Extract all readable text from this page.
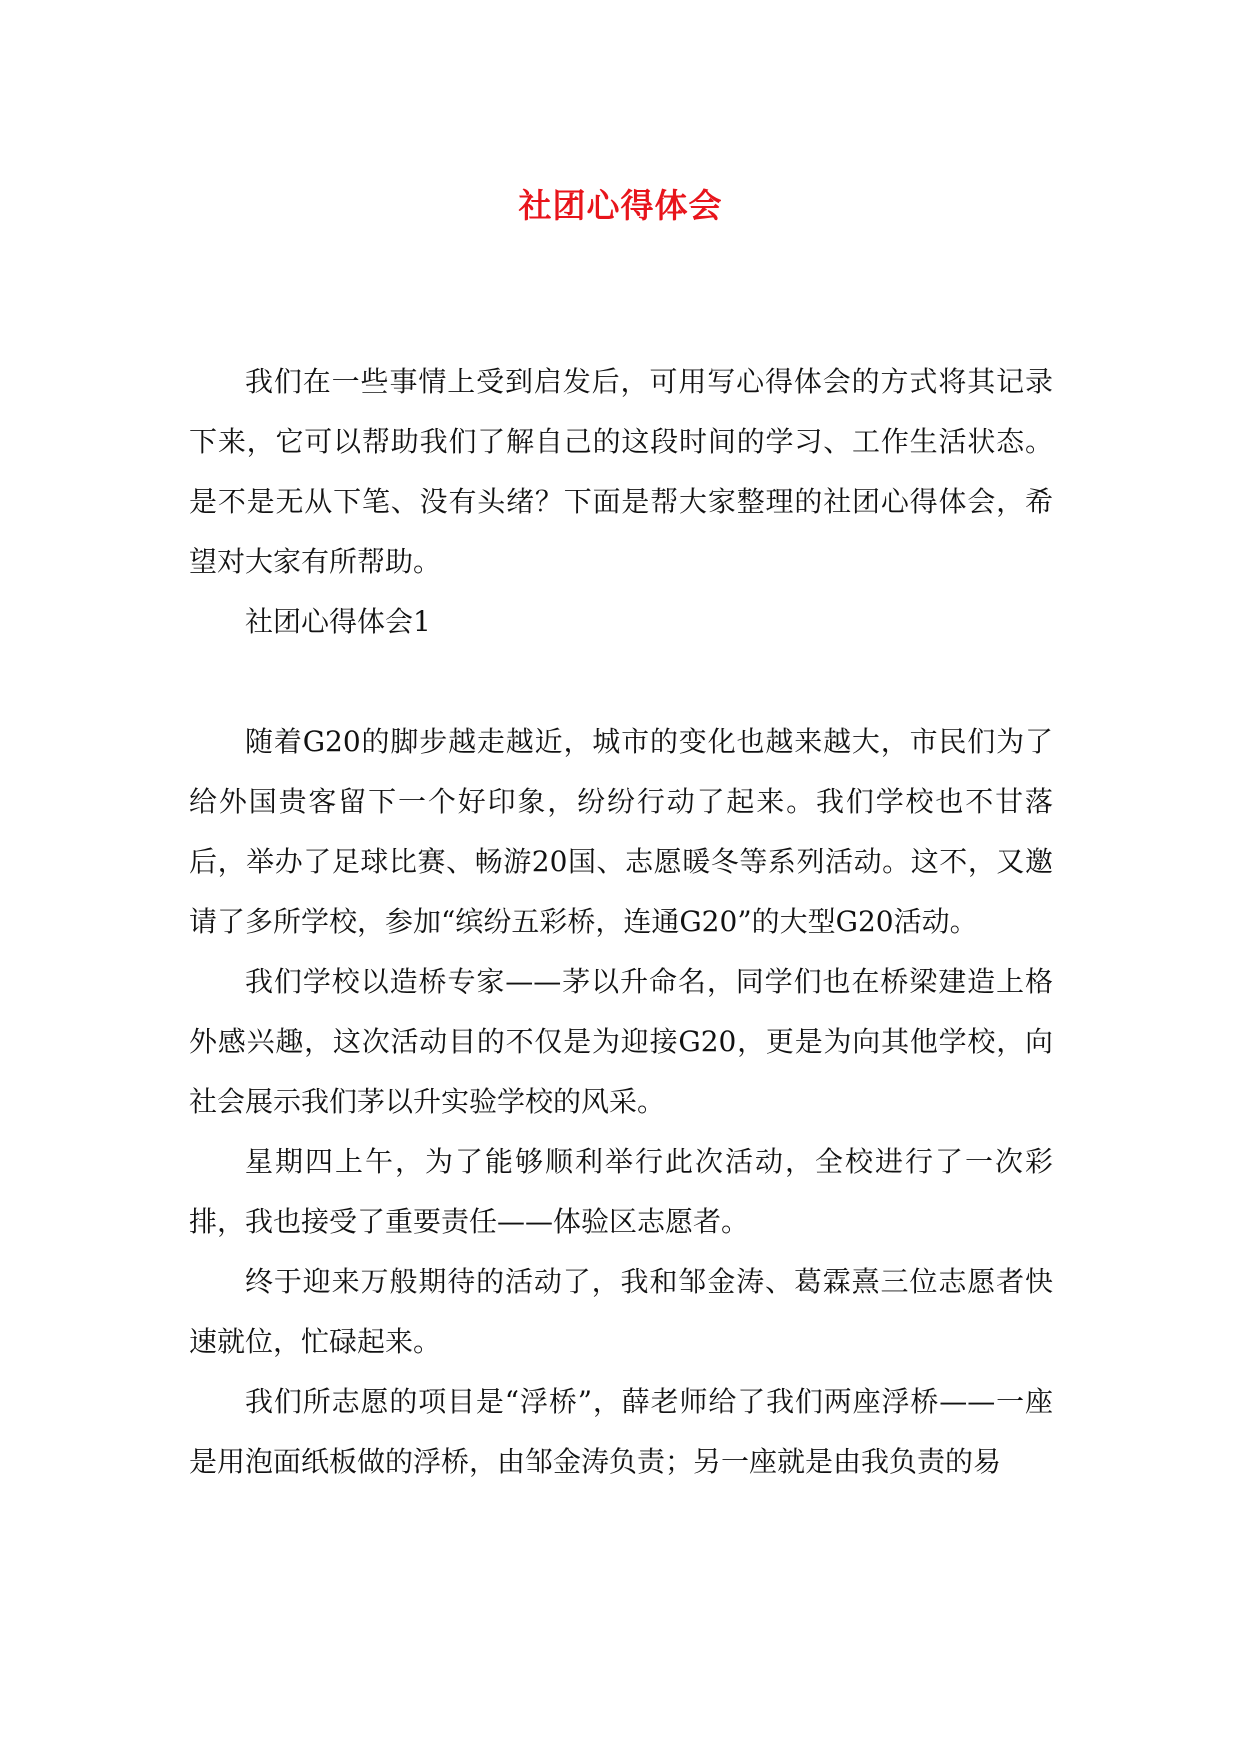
社团心得体会

我们在一些事情上受到启发后，可用写心得体会的方式将其记录下来，它可以帮助我们了解自己的这段时间的学习、工作生活状态。是不是无从下笔、没有头绪？下面是帮大家整理的社团心得体会，希望对大家有所帮助。

社团心得体会1

随着G20的脚步越走越近，城市的变化也越来越大，市民们为了给外国贵客留下一个好印象，纷纷行动了起来。我们学校也不甘落后，举办了足球比赛、畅游20国、志愿暖冬等系列活动。这不，又邀请了多所学校，参加“缤纷五彩桥，连通G20”的大型G20活动。

我们学校以造桥专家——茅以升命名，同学们也在桥梁建造上格外感兴趣，这次活动目的不仅是为迎接G20，更是为向其他学校，向社会展示我们茅以升实验学校的风采。

星期四上午，为了能够顺利举行此次活动，全校进行了一次彩排，我也接受了重要责任——体验区志愿者。

终于迎来万般期待的活动了，我和邹金涛、葛霖熹三位志愿者快速就位，忙碌起来。

我们所志愿的项目是“浮桥”，薛老师给了我们两座浮桥——一座是用泡面纸板做的浮桥，由邹金涛负责；另一座就是由我负责的易
